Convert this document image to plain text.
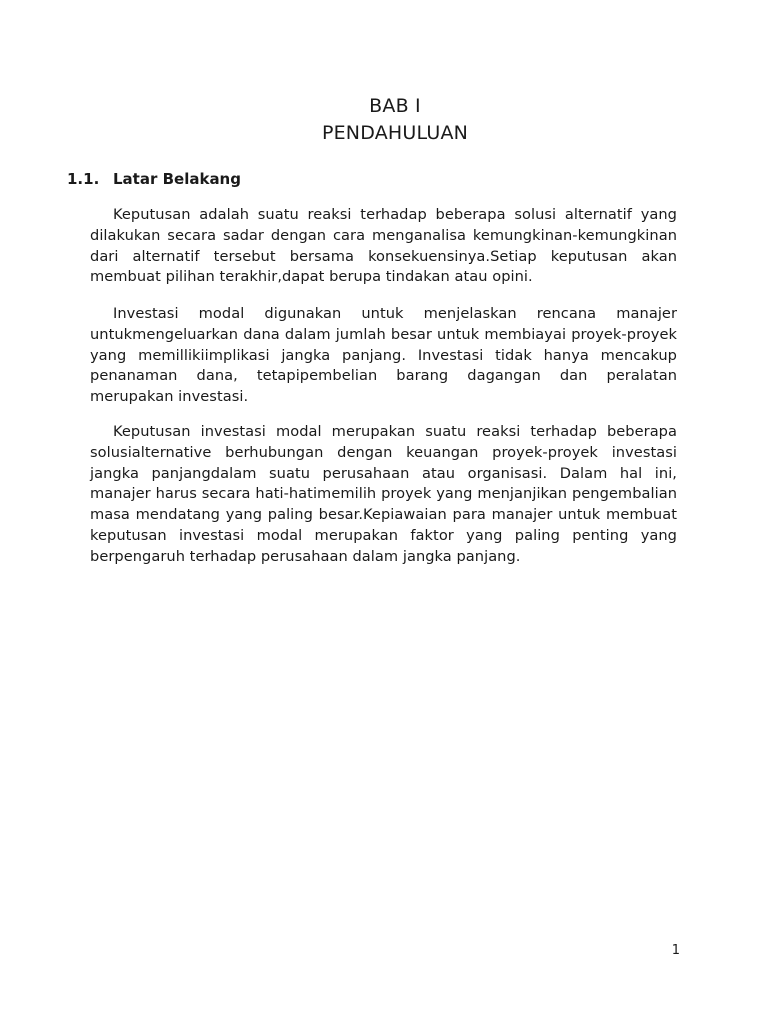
BAB I
PENDAHULUAN
1.1. Latar Belakang

Keputusan adalah suatu reaksi terhadap beberapa solusi alternatif yang dilakukan secara sadar dengan cara menganalisa kemungkinan-kemungkinan dari alternatif tersebut bersama konsekuensinya.Setiap keputusan akan membuat pilihan terakhir,dapat berupa tindakan atau opini.

Investasi modal digunakan untuk menjelaskan rencana manajer untukmengeluarkan dana dalam jumlah besar untuk membiayai proyek-proyek yang memillikiimplikasi jangka panjang. Investasi tidak hanya mencakup penanaman dana, tetapipembelian barang dagangan dan peralatan merupakan investasi.

Keputusan investasi modal merupakan suatu reaksi terhadap beberapa solusialternative berhubungan dengan keuangan proyek-proyek investasi jangka panjangdalam suatu perusahaan atau organisasi. Dalam hal ini, manajer harus secara hati-hatimemilih proyek yang menjanjikan pengembalian masa mendatang yang paling besar.Kepiawaian para manajer untuk membuat keputusan investasi modal merupakan faktor yang paling penting yang berpengaruh terhadap perusahaan dalam jangka panjang.

1
